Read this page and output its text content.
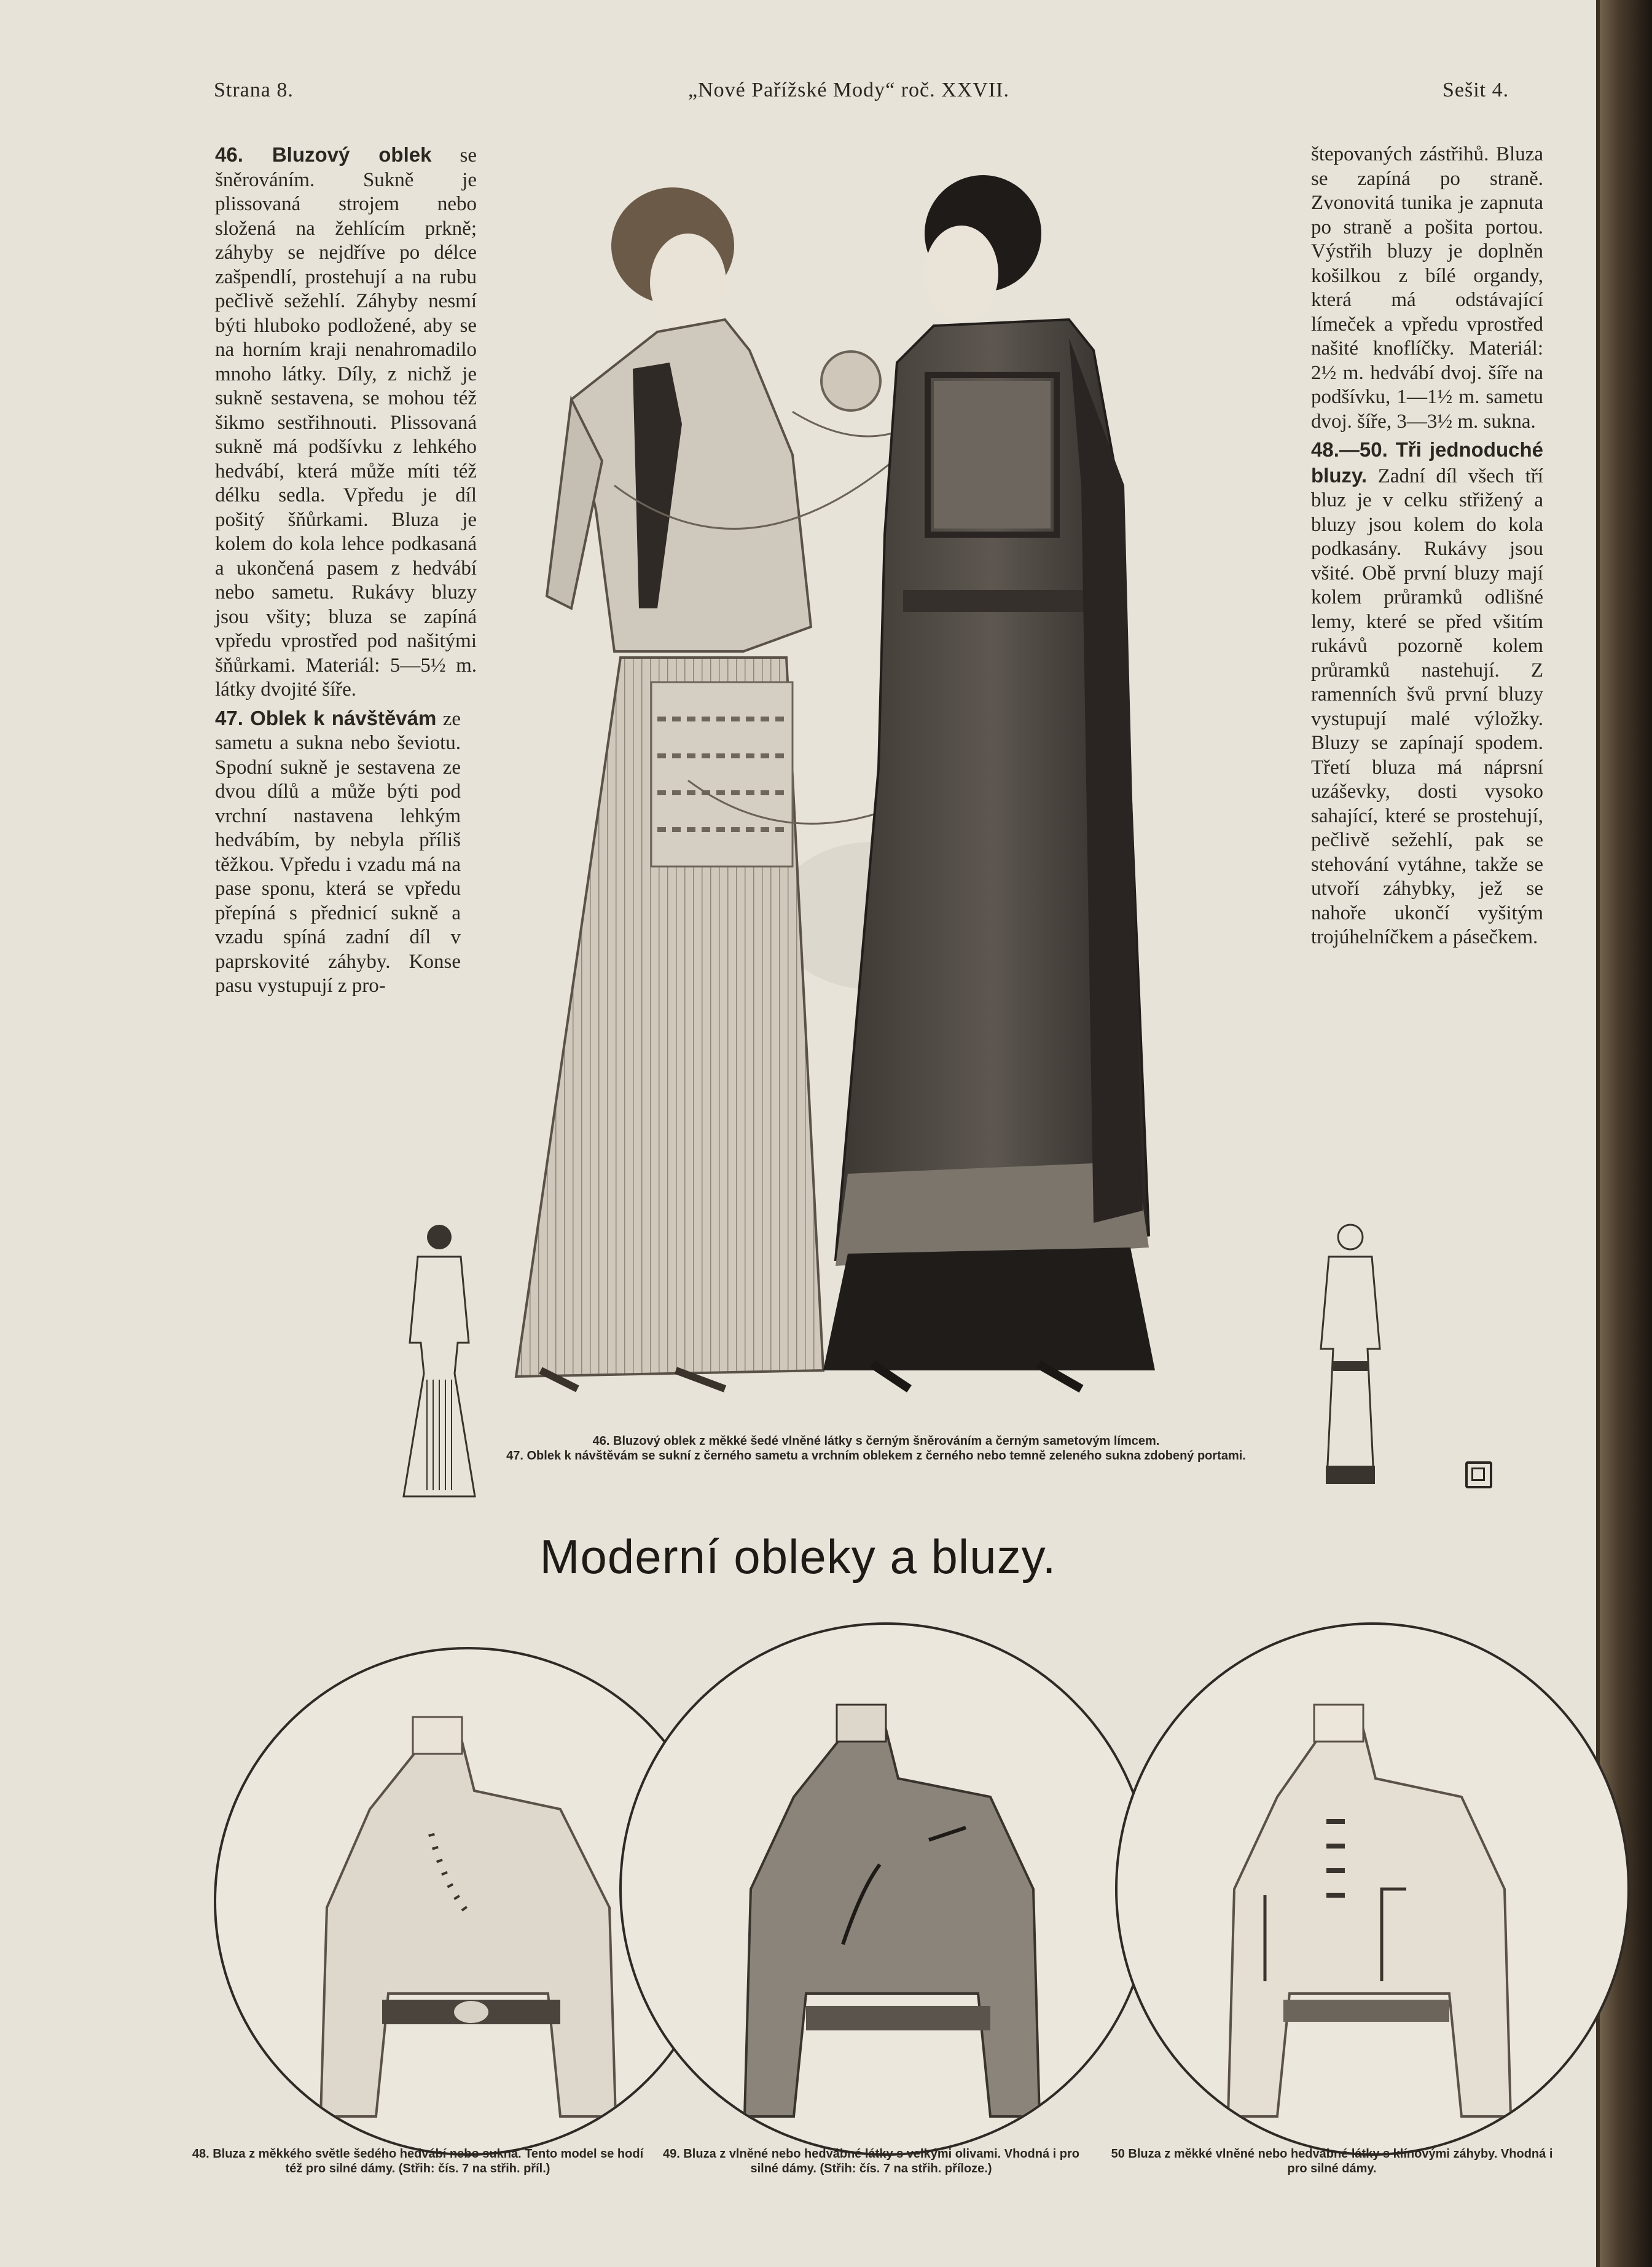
Strana 8.	„Nové Pařížské Mody“ roč. XXVII.	Sešit 4.

46. Bluzový oblek se šněrováním. Sukně je plissovaná strojem nebo složená na žehlícím prkně; záhyby se nejdříve po délce zašpendlí, prostehují a na rubu pečlivě sežehlí. Záhyby nesmí býti hluboko podložené, aby se na horním kraji nenahromadilo mnoho látky. Díly, z nichž je sukně sestavena, se mohou též šikmo sestřihnouti. Plissovaná sukně má podšívku z lehkého hedvábí, která může míti též délku sedla. Vpředu je díl pošitý šňůrkami. Bluza je kolem do kola lehce podkasaná a ukončená pasem z hedvábí nebo sametu. Rukávy bluzy jsou všity; bluza se zapíná vpředu vprostřed pod našitými šňůrkami. Materiál: 5—5½ m. látky dvojité šíře.

47. Oblek k návštěvám ze sametu a sukna nebo ševiotu. Spodní sukně je sestavena ze dvou dílů a může býti pod vrchní nastavena lehkým hedvábím, by nebyla příliš těžkou. Vpředu i vzadu má na pase sponu, která se vpředu přepíná s přednicí sukně a vzadu spíná zadní díl v paprskovité záhyby. Konse pasu vystupují z pro-

štepovaných zástřihů. Bluza se zapíná po straně. Zvonovitá tunika je zapnuta po straně a pošita portou. Výstřih bluzy je doplněn košilkou z bílé organdy, která má odstávající límeček a vpředu vprostřed našité knoflíčky. Materiál: 2½ m. hedvábí dvoj. šíře na podšívku, 1—1½ m. sametu dvoj. šíře, 3—3½ m. sukna.

48.—50. Tři jednoduché bluzy. Zadní díl všech tří bluz je v celku střižený a bluzy jsou kolem do kola podkasány. Rukávy jsou všité. Obě první bluzy mají kolem průramků odlišné lemy, které se před všitím rukávů pozorně kolem průramků nastehují. Z ramenních švů první bluzy vystupují malé výložky. Bluzy se zapínají spodem. Třetí bluza má náprsní uzáševky, dosti vysoko sahající, které se prostehují, pečlivě sežehlí, pak se stehování vytáhne, takže se utvoří záhybky, jež se nahoře ukončí vyšitým trojúhelníčkem a pásečkem.

46. Bluzový oblek z měkké šedé vlněné látky s černým šněrováním a černým sametovým límcem.
47. Oblek k návštěvám se sukní z černého sametu a vrchním oblekem z černého nebo temně zeleného sukna zdobený portami.
Moderní obleky a bluzy.
48. Bluza z měkkého světle šedého hedvábí nebo sukna. Tento model se hodí též pro silné dámy. (Střih: čís. 7 na střih. příl.)
49. Bluza z vlněné nebo hedvábné látky s velkými olivami. Vhodná i pro silné dámy. (Střih: čís. 7 na střih. příloze.)
50 Bluza z měkké vlněné nebo hedvábné látky s klínovými záhyby. Vhodná i pro silné dámy.
